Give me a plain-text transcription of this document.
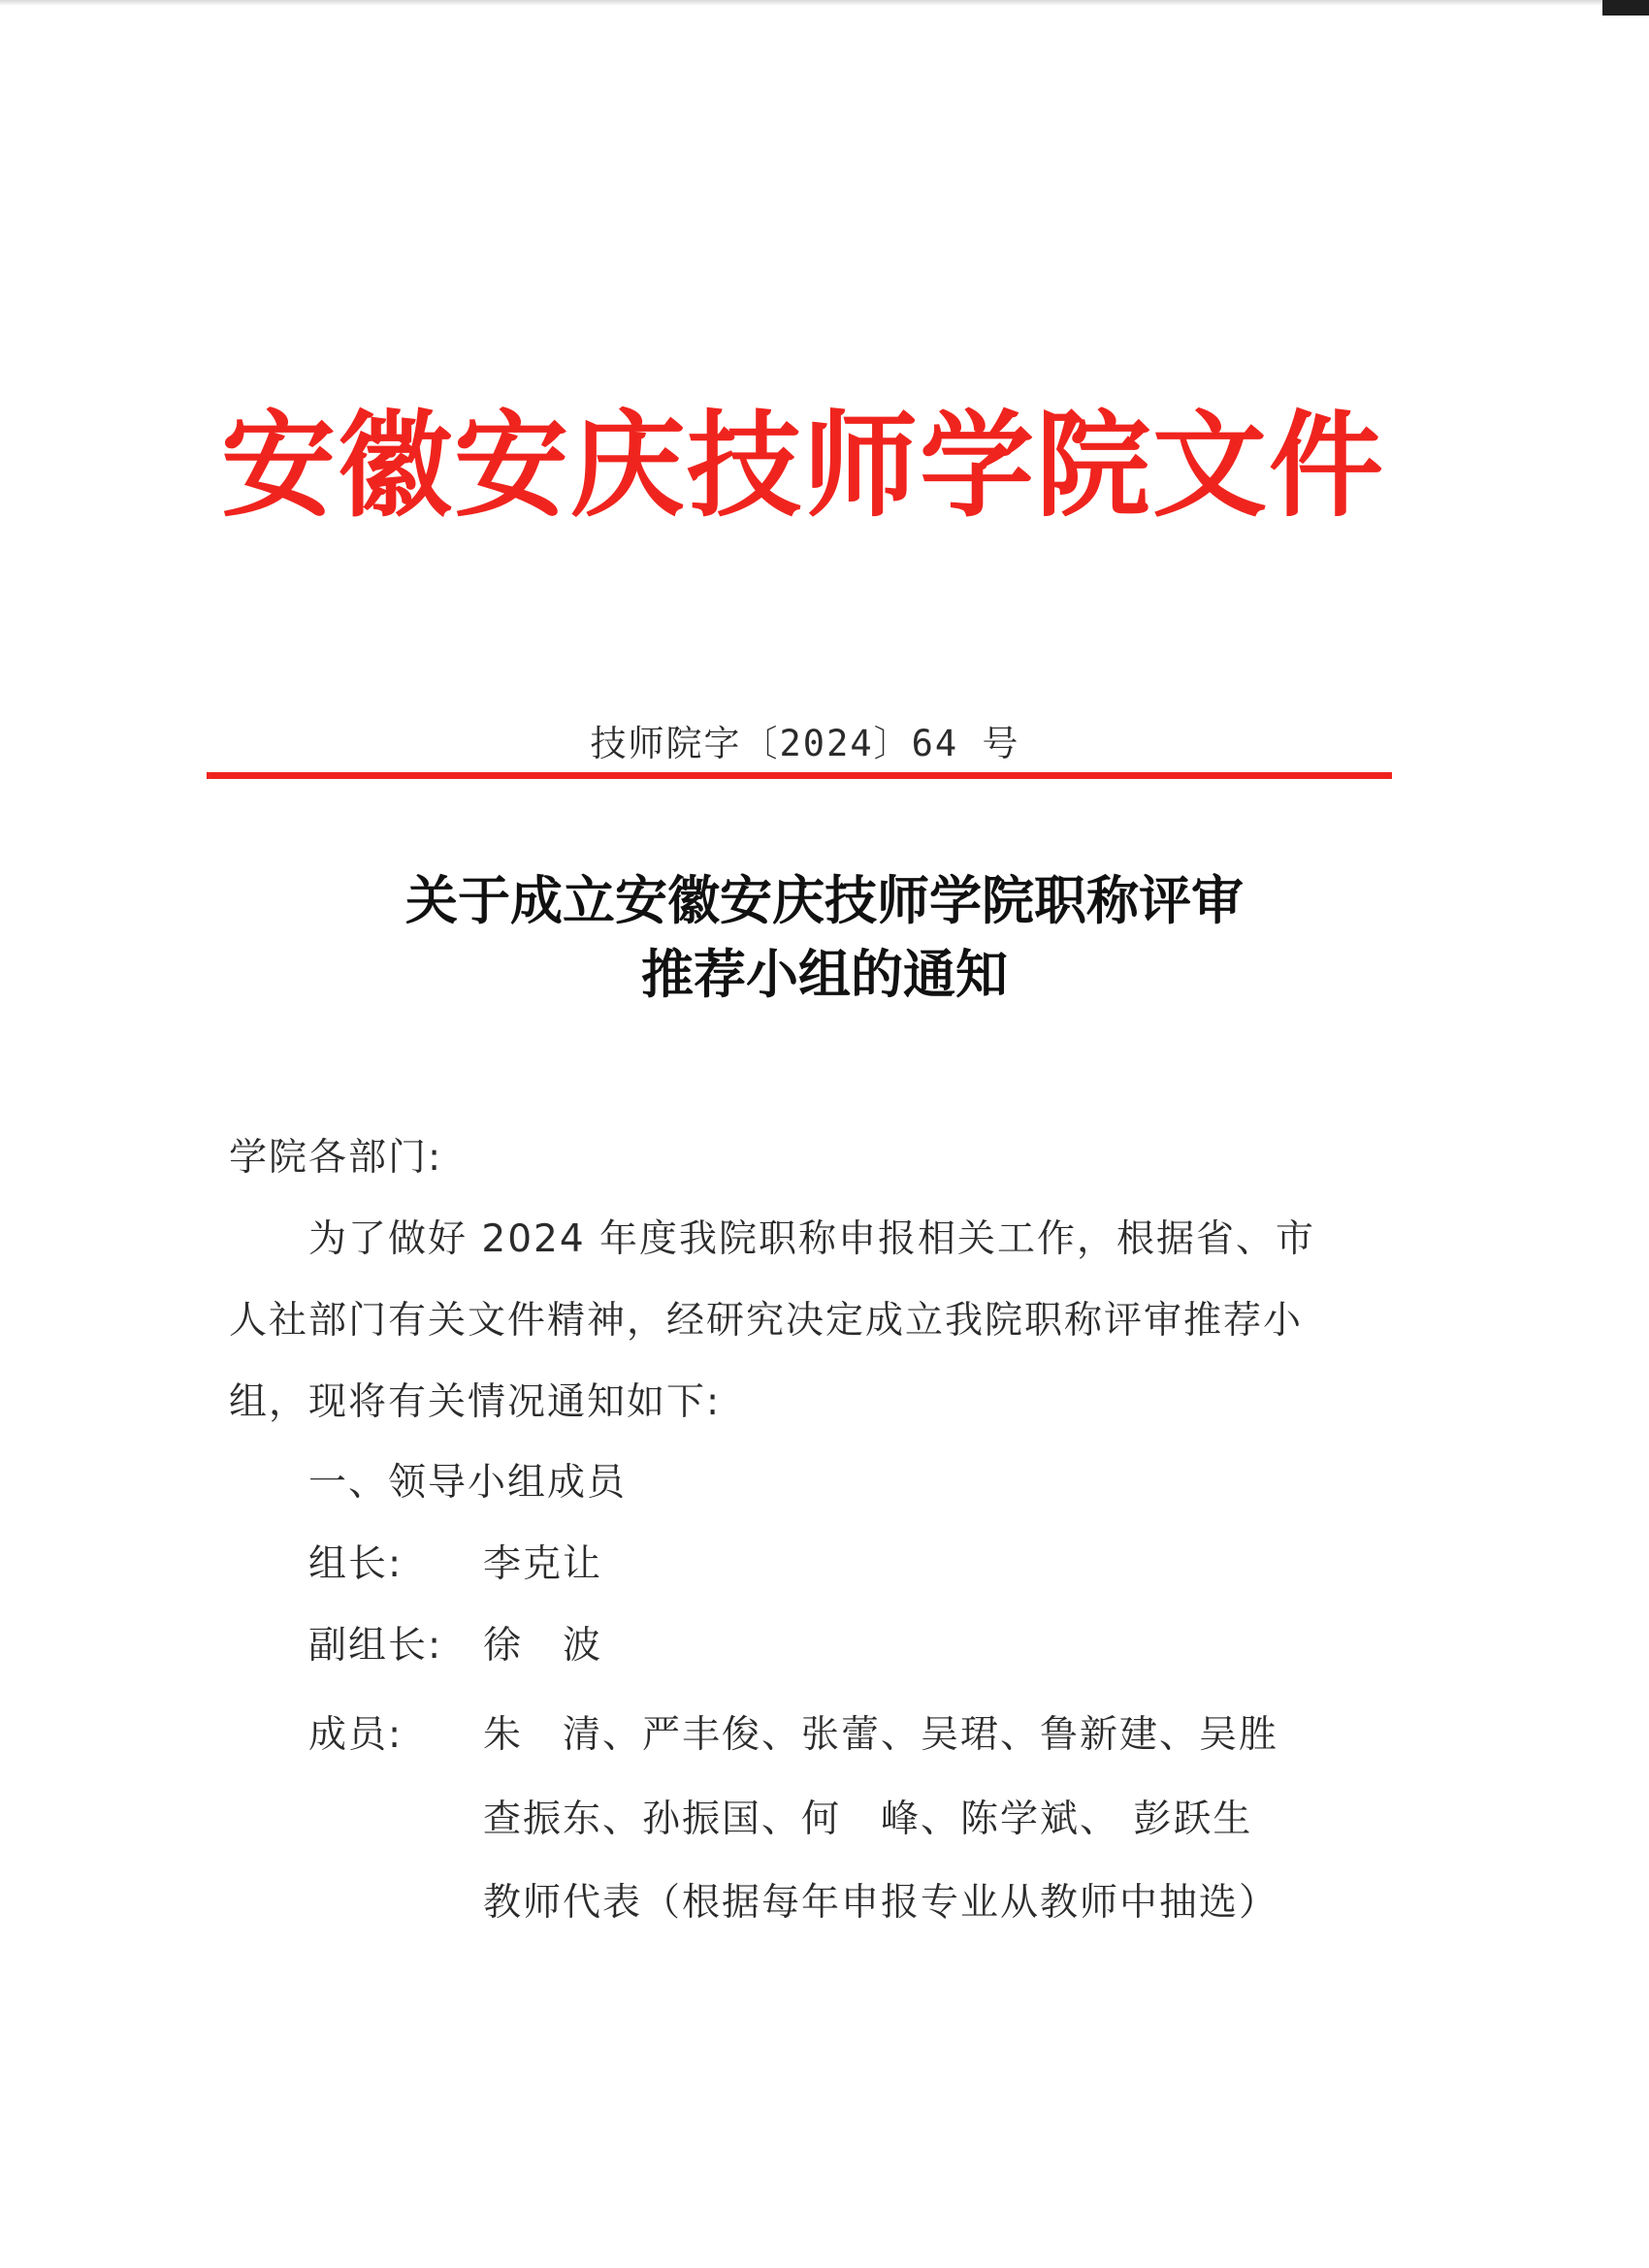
安徽安庆技师学院文件
技师院字〔2024〕64 号
关于成立安徽安庆技师学院职称评审
推荐小组的通知
学院各部门:
为了做好 2024 年度我院职称申报相关工作，根据省、市
人社部门有关文件精神，经研究决定成立我院职称评审推荐小
组，现将有关情况通知如下:
一、领导小组成员
组长: 李克让
副组长: 徐　波
成员: 朱　清、严丰俊、张蕾、吴珺、鲁新建、吴胜
查振东、孙振国、何　峰、陈学斌、 彭跃生
教师代表（根据每年申报专业从教师中抽选）
